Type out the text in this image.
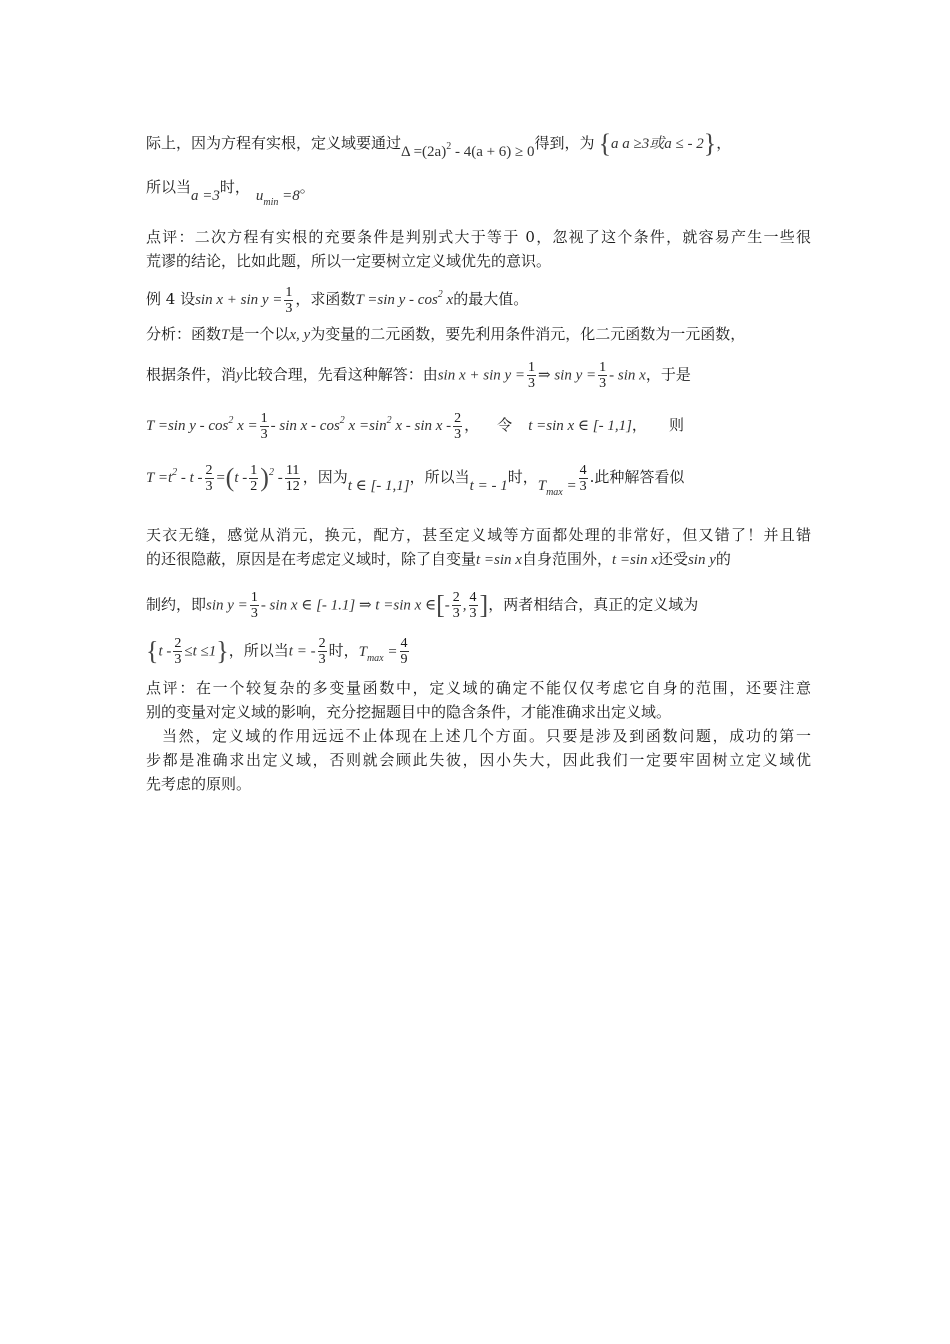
际上，因为方程有实根，定义域要通过$\Delta =(2a)^2 - 4(a + 6) \ge 0$得到，为 {a a ≥3或a ≤ - 2}，
所以当a =3时， $u_{min} =8$。
点评：二次方程有实根的充要条件是判别式大于等于 0，忽视了这个条件，就容易产生一些很
荒谬的结论，比如此题，所以一定要树立定义域优先的意识。
例 4 设$\sin x + \sin y = \frac{1}{3}$ ，求函数T =sin y - $\cos^2 x$的最大值。
分析：函数T是一个以x, y为变量的二元函数，要先利用条件消元，化二元函数为一元函数，
根据条件，消y比较合理，先看这种解答：由$\sin x + \sin y = \frac{1}{3}$ ⇒ $\sin y = \frac{1}{3} - \sin x$，于是
T =sin $y - \cos^2 x = \frac{1}{3} - \sin x - \cos^2 x =\sin^2$ x - sin x - $\frac{2}{3}$ ， 令 t =sin x ∈ [- 1,1]， 则
$T =t^2 - t - \frac{2}{3} =(t - \frac{1}{2} )^2 - \frac{11}{12}$ ，因为t ∈ [- 1,1]，所以当t = - 1时，$T_{max} = \frac{4}{3}$ .此种解答看似
天衣无缝，感觉从消元，换元，配方，甚至定义域等方面都处理的非常好，但又错了！并且错
的还很隐蔽，原因是在考虑定义域时，除了自变量t =sin x自身范围外，t =sin x还受sin y的
制约，即$\sin y = \frac{1}{3} - \sin x$ ∈ [- 1.1] ⇒ t =sin x ∈[- $\frac{2}{3}$ , $\frac{4}{3}$ ]，两者相结合，真正的定义域为
$\{t - \frac{2}{3} \le t \le 1\}$，所以当t = - $\frac{2}{3}$ 时，$T_{max} = \frac{4}{9}$
点评：在一个较复杂的多变量函数中，定义域的确定不能仅仅考虑它自身的范围，还要注意
别的变量对定义域的影响，充分挖掘题目中的隐含条件，才能准确求出定义域。
当然，定义域的作用远远不止体现在上述几个方面。只要是涉及到函数问题，成功的第一
步都是准确求出定义域，否则就会顾此失彼，因小失大，因此我们一定要牢固树立定义域优
先考虑的原则。
